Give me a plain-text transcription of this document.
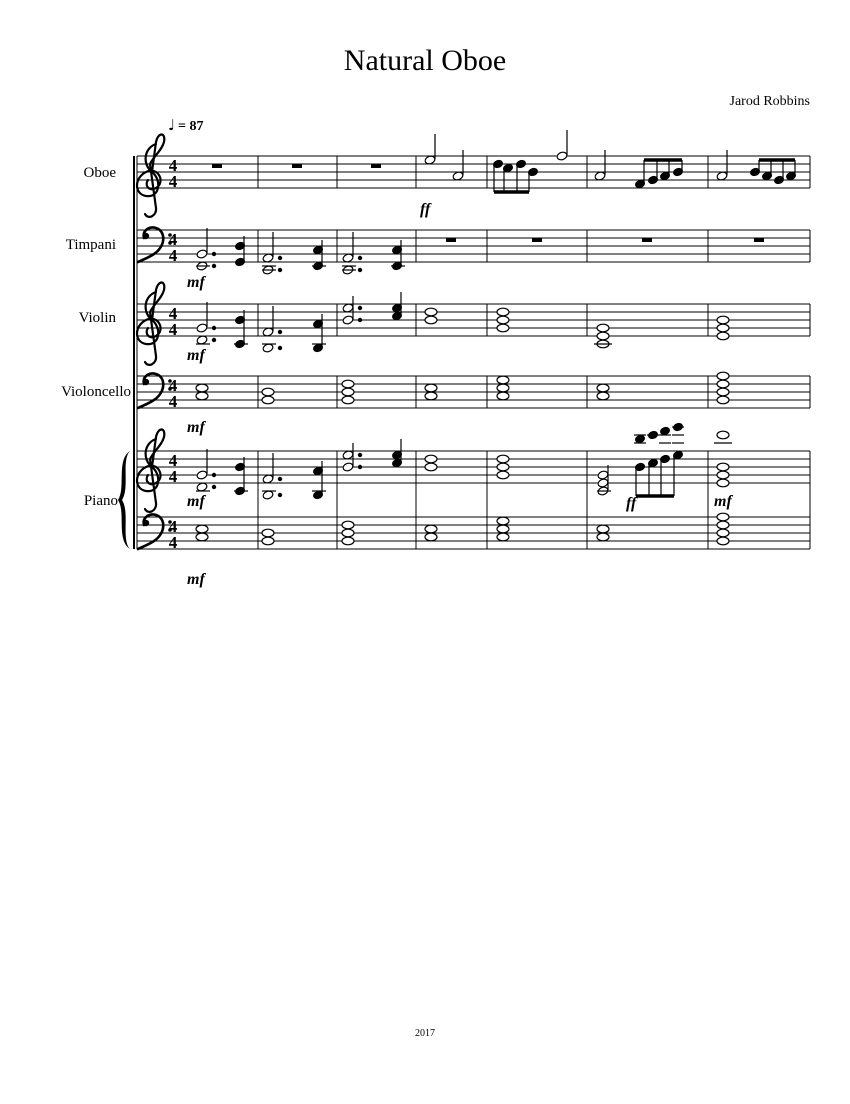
Natural Oboe
Jarod Robbins
♩ = 87
Oboe
Timpani
Violin
Violoncello
Piano
4
4
4
4
4
4
4
4
4
4
4
4
ff
mf
mf
mf
mf	ff	mf
mf
2017
